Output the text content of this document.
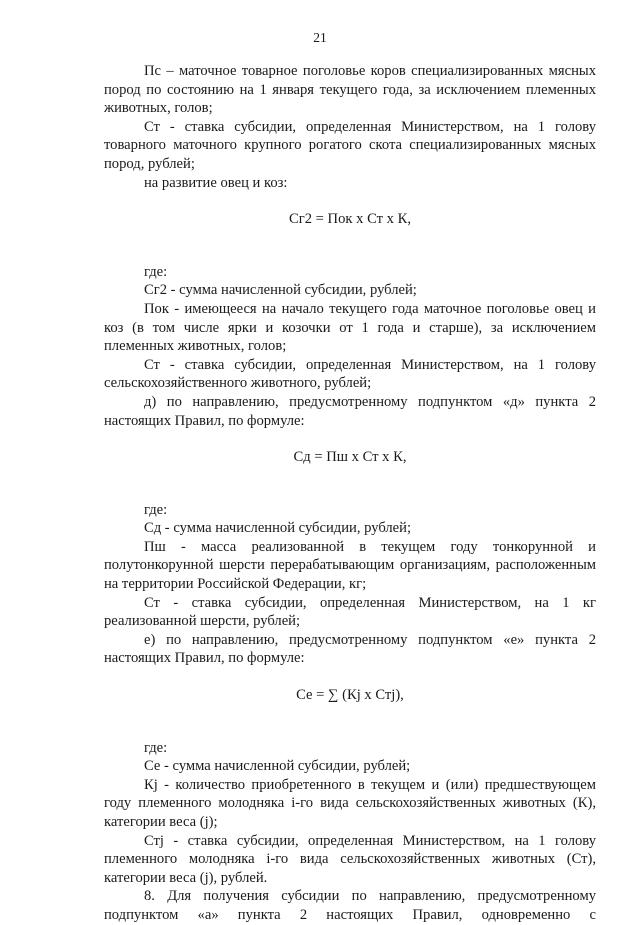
21

Пс – маточное товарное поголовье коров специализированных мясных пород по состоянию на 1 января текущего года, за исключением племенных животных, голов;

Ст - ставка субсидии, определенная Министерством, на 1 голову товарного маточного крупного рогатого скота специализированных мясных пород, рублей;

на развитие овец и коз:

Сг2 = Пок х Ст х К,

где:

Сг2 - сумма начисленной субсидии, рублей;

Пок - имеющееся на начало текущего года маточное поголовье овец и коз (в том числе ярки и козочки от 1 года и старше), за исключением племенных животных, голов;

Ст - ставка субсидии, определенная Министерством, на 1 голову сельскохозяйственного животного, рублей;

д) по направлению, предусмотренному подпунктом «д» пункта 2 настоящих Правил, по формуле:

Сд = Пш х Ст х К,

где:

Сд - сумма начисленной субсидии, рублей;

Пш - масса реализованной в текущем году тонкорунной и полутонкорунной шерсти перерабатывающим организациям, расположенным на территории Российской Федерации, кг;

Ст - ставка субсидии, определенная Министерством, на 1 кг реализованной шерсти, рублей;

е) по направлению, предусмотренному подпунктом «е» пункта 2 настоящих Правил, по формуле:

Се = ∑ (Кj х Стj),

где:

Се - сумма начисленной субсидии, рублей;

Кj - количество приобретенного в текущем и (или) предшествующем году племенного молодняка i-го вида сельскохозяйственных животных (К), категории веса (j);

Стj - ставка субсидии, определенная Министерством, на 1 голову племенного молодняка i-го вида сельскохозяйственных животных (Ст), категории веса (j), рублей.

8. Для получения субсидии по направлению, предусмотренному подпунктом «а» пункта 2 настоящих Правил, одновременно с
